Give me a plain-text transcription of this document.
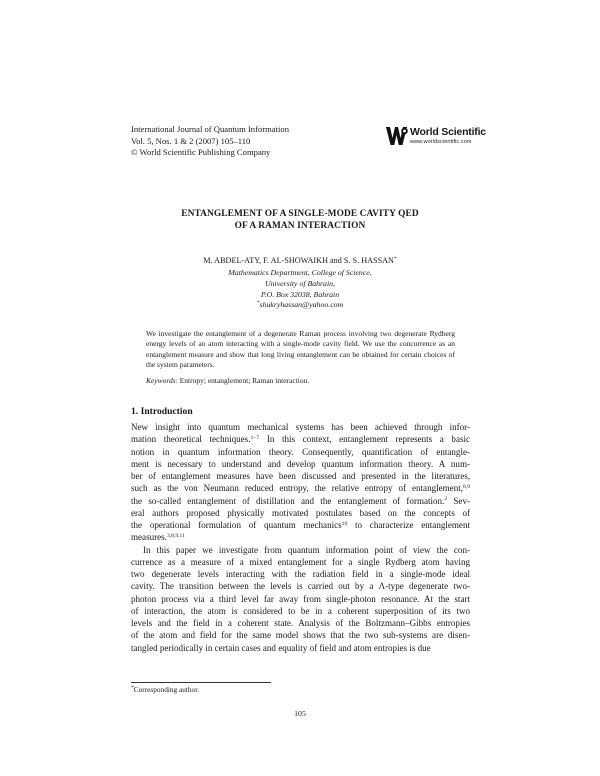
International Journal of Quantum Information
Vol. 5, Nos. 1 & 2 (2007) 105–110
© World Scientific Publishing Company
World Scientific
www.worldscientific.com
ENTANGLEMENT OF A SINGLE-MODE CAVITY QED
OF A RAMAN INTERACTION
M. ABDEL-ATY, F. AL-SHOWAIKH and S. S. HASSAN*
Mathematics Department, College of Science,
University of Bahrain,
P.O. Box 32038, Bahrain
*shukryhassan@yahoo.com

We investigate the entanglement of a degenerate Raman process involving two degenerate Rydberg energy levels of an atom interacting with a single-mode cavity field. We use the concurrence as an entanglement measure and show that long living entanglement can be obtained for certain choices of the system parameters.

Keywords: Entropy; entanglement; Raman interaction.
1. Introduction
New insight into quantum mechanical systems has been achieved through infor-
mation theoretical techniques.$^{1-7}$ In this context, entanglement represents a basic
notion in quantum information theory. Consequently, quantification of entangle-
ment is necessary to understand and develop quantum information theory. A num-
ber of entanglement measures have been discussed and presented in the literatures,
such as the von Neumann reduced entropy, the relative entropy of entanglement,$^{8,9}$
the so-called entanglement of distillation and the entanglement of formation.$^2$ Sev-
eral authors proposed physically motivated postulates based on the concepts of
the operational formulation of quantum mechanics$^{10}$ to characterize entanglement
measures.$^{3,8,9,11}$
In this paper we investigate from quantum information point of view the con-
currence as a measure of a mixed entanglement for a single Rydberg atom having
two degenerate levels interacting with the radiation field in a single-mode ideal
cavity. The transition between the levels is carried out by a Λ-type degenerate two-
photon process via a third level far away from single-photon resonance. At the start
of interaction, the atom is considered to be in a coherent superposition of its two
levels and the field in a coherent state. Analysis of the Boltzmann–Gibbs entropies
of the atom and field for the same model shows that the two sub-systems are disen-
tangled periodically in certain cases and equality of field and atom entropies is due
*Corresponding author.
105
